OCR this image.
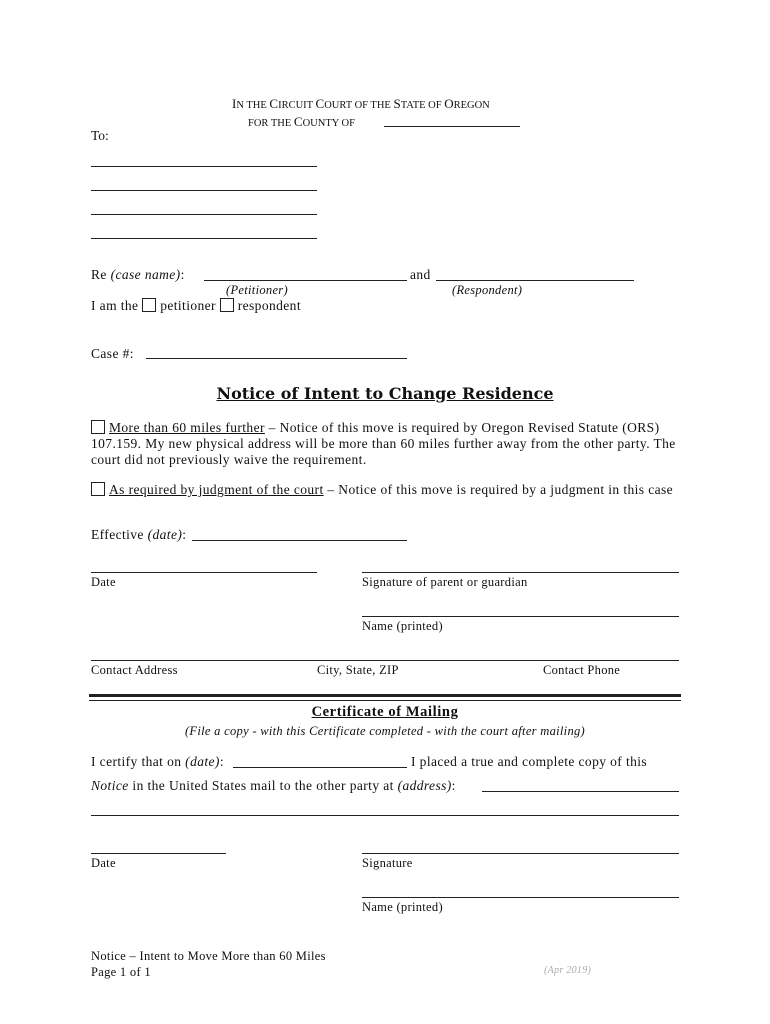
IN THE CIRCUIT COURT OF THE STATE OF OREGON
FOR THE COUNTY OF
To:
Re (case name):	and
(Petitioner)	(Respondent)
I am the petitioner respondent
Case #:
Notice of Intent to Change Residence
More than 60 miles further – Notice of this move is required by Oregon Revised Statute (ORS) 107.159. My new physical address will be more than 60 miles further away from the other party. The court did not previously waive the requirement.
As required by judgment of the court – Notice of this move is required by a judgment in this case
Effective (date):
Date	Signature of parent or guardian
Name (printed)
Contact Address	City, State, ZIP	Contact Phone
Certificate of Mailing
(File a copy - with this Certificate completed - with the court after mailing)
I certify that on (date):	I placed a true and complete copy of this
Notice in the United States mail to the other party at (address):
Date	Signature
Name (printed)
Notice – Intent to Move More than 60 Miles
Page 1 of 1	(Apr 2019)
